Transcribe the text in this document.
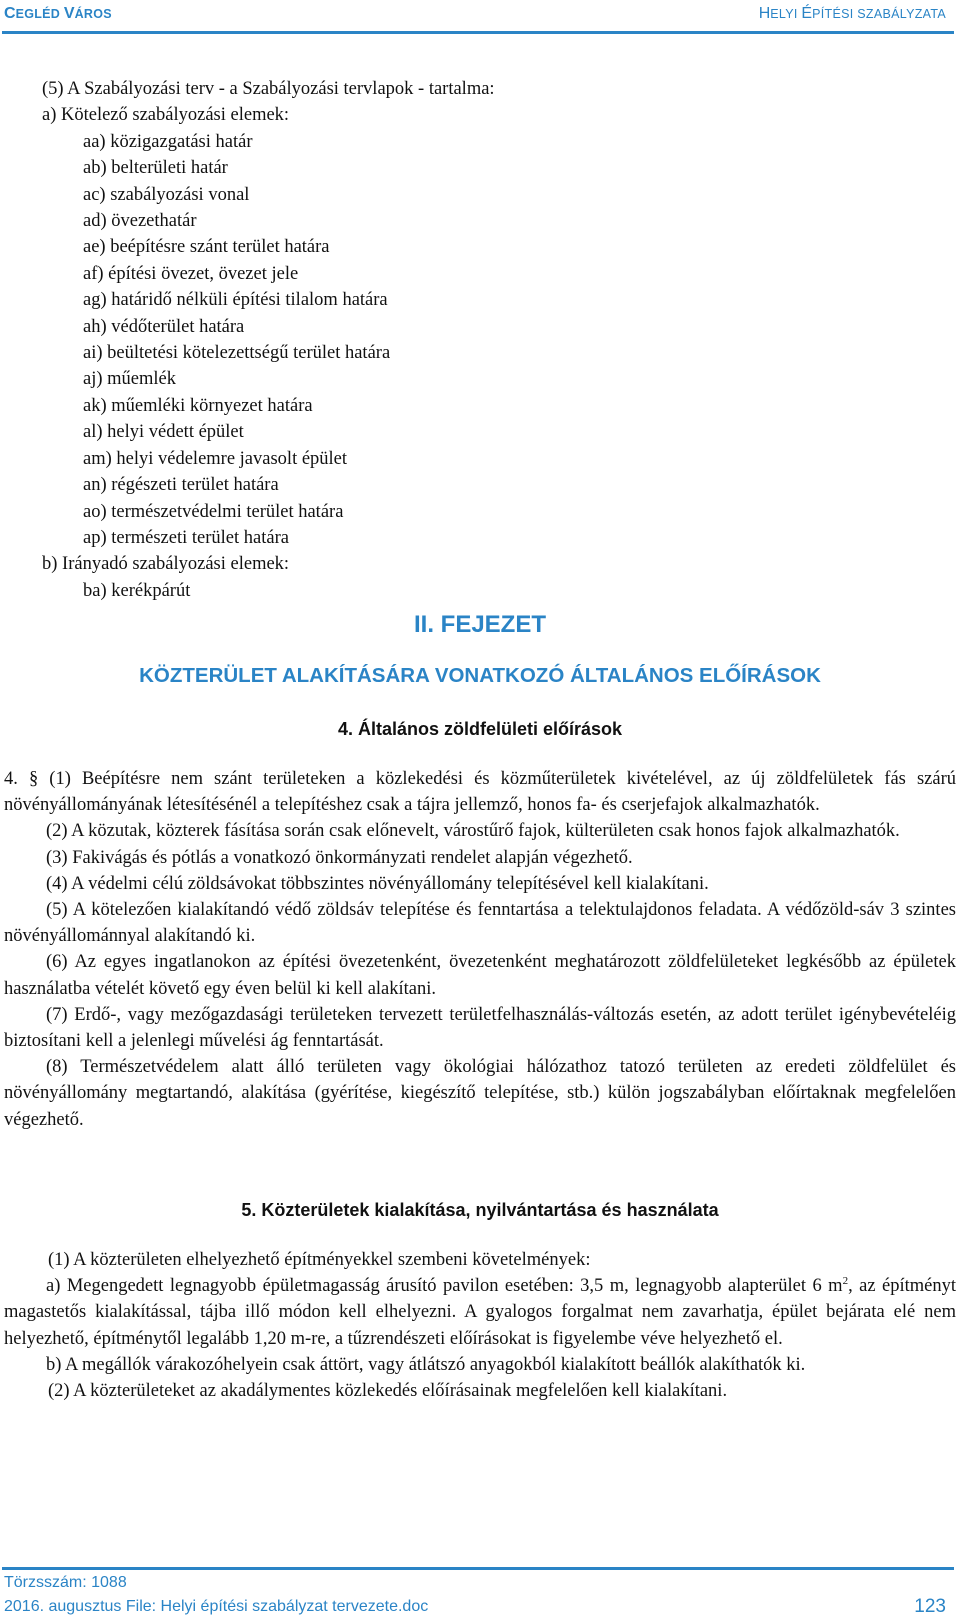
CEGLÉD VÁROS	HELYI ÉPÍTÉSI SZABÁLYZATA
(5) A Szabályozási terv - a Szabályozási tervlapok - tartalma:
a) Kötelező szabályozási elemek:
aa) közigazgatási határ
ab) belterületi határ
ac) szabályozási vonal
ad) övezethatár
ae) beépítésre szánt terület határa
af) építési övezet, övezet jele
ag) határidő nélküli építési tilalom határa
ah) védőterület határa
ai) beültetési kötelezettségű terület határa
aj) műemlék
ak) műemléki környezet határa
al) helyi védett épület
am) helyi védelemre javasolt épület
an) régészeti terület határa
ao) természetvédelmi terület határa
ap) természeti terület határa
b) Irányadó szabályozási elemek:
ba) kerékpárút
II. FEJEZET
KÖZTERÜLET ALAKÍTÁSÁRA VONATKOZÓ ÁLTALÁNOS ELŐÍRÁSOK
4. Általános zöldfelületi előírások

4. § (1) Beépítésre nem szánt területeken a közlekedési és közműterületek kivételével, az új zöldfelületek fás szárú növényállományának létesítésénél a telepítéshez csak a tájra jellemző, honos fa- és cserjefajok alkalmazhatók.

(2) A közutak, közterek fásítása során csak előnevelt, várostűrő fajok, külterületen csak honos fajok alkalmazhatók.

(3) Fakivágás és pótlás a vonatkozó önkormányzati rendelet alapján végezhető.

(4) A védelmi célú zöldsávokat többszintes növényállomány telepítésével kell kialakítani.

(5) A kötelezően kialakítandó védő zöldsáv telepítése és fenntartása a telektulajdonos feladata. A védőzöld-sáv 3 szintes növényállománnyal alakítandó ki.

(6) Az egyes ingatlanokon az építési övezetenként, övezetenként meghatározott zöldfelületeket legkésőbb az épületek használatba vételét követő egy éven belül ki kell alakítani.

(7) Erdő-, vagy mezőgazdasági területeken tervezett területfelhasználás-változás esetén, az adott terület igénybevételéig biztosítani kell a jelenlegi művelési ág fenntartását.

(8) Természetvédelem alatt álló területen vagy ökológiai hálózathoz tatozó területen az eredeti zöldfelület és növényállomány megtartandó, alakítása (gyérítése, kiegészítő telepítése, stb.) külön jogszabályban előírtaknak megfelelően végezhető.

5. Közterületek kialakítása, nyilvántartása és használata

(1) A közterületen elhelyezhető építményekkel szembeni követelmények:

a) Megengedett legnagyobb épületmagasság árusító pavilon esetében: 3,5 m, legnagyobb alapterület 6 $m^2$, az építményt magastetős kialakítással, tájba illő módon kell elhelyezni. A gyalogos forgalmat nem zavarhatja, épület bejárata elé nem helyezhető, építménytől legalább 1,20 m-re, a tűzrendészeti előírásokat is figyelembe véve helyezhető el.

b) A megállók várakozóhelyein csak áttört, vagy átlátszó anyagokból kialakított beállók alakíthatók ki.

(2) A közterületeket az akadálymentes közlekedés előírásainak megfelelően kell kialakítani.

Törzsszám: 1088
2016. augusztus File: Helyi építési szabályzat tervezete.doc	123
